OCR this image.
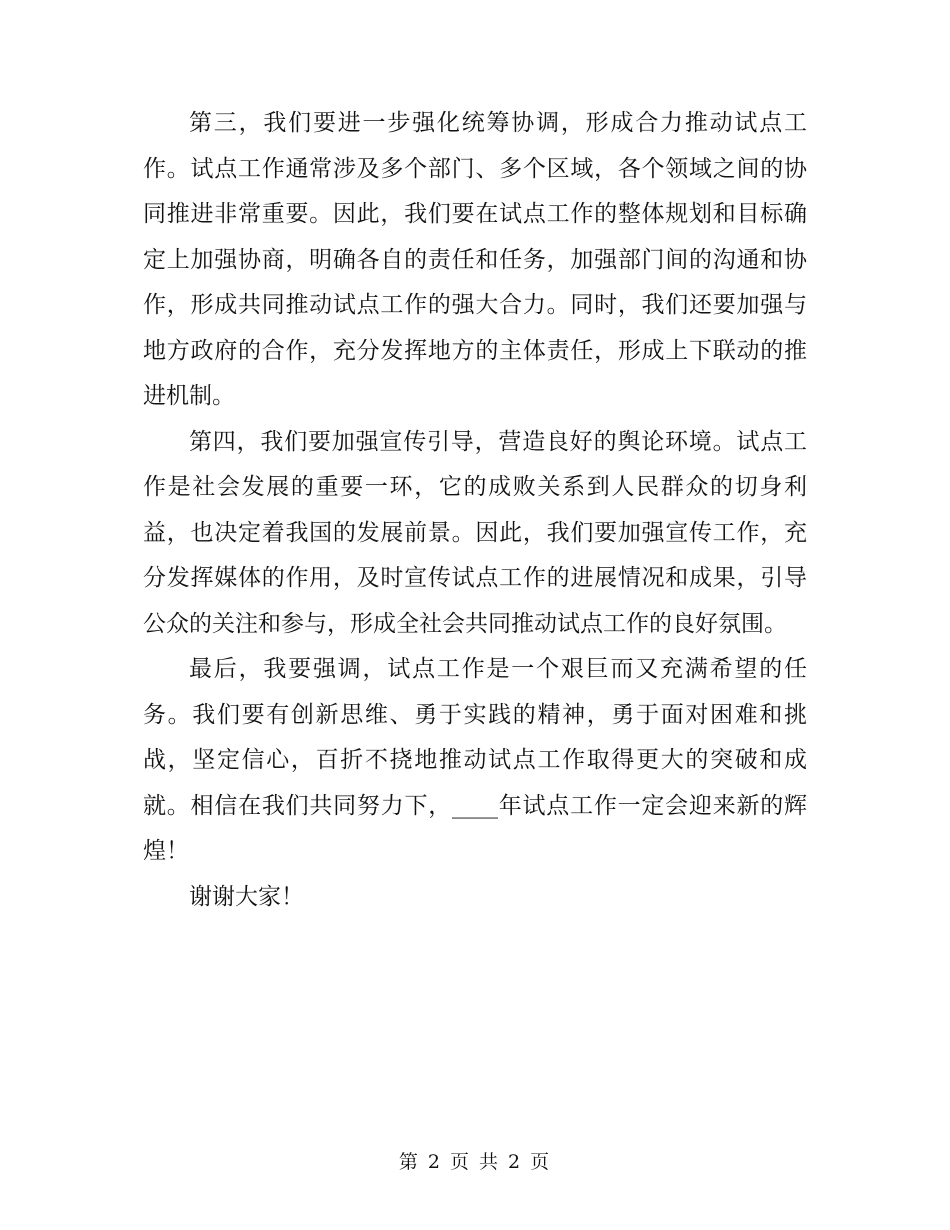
第三，我们要进一步强化统筹协调，形成合力推动试点工作。试点工作通常涉及多个部门、多个区域，各个领域之间的协同推进非常重要。因此，我们要在试点工作的整体规划和目标确定上加强协商，明确各自的责任和任务，加强部门间的沟通和协作，形成共同推动试点工作的强大合力。同时，我们还要加强与地方政府的合作，充分发挥地方的主体责任，形成上下联动的推进机制。

第四，我们要加强宣传引导，营造良好的舆论环境。试点工作是社会发展的重要一环，它的成败关系到人民群众的切身利益，也决定着我国的发展前景。因此，我们要加强宣传工作，充分发挥媒体的作用，及时宣传试点工作的进展情况和成果，引导公众的关注和参与，形成全社会共同推动试点工作的良好氛围。

最后，我要强调，试点工作是一个艰巨而又充满希望的任务。我们要有创新思维、勇于实践的精神，勇于面对困难和挑战，坚定信心，百折不挠地推动试点工作取得更大的突破和成就。相信在我们共同努力下，____年试点工作一定会迎来新的辉煌！

谢谢大家！

第 2 页 共 2 页
